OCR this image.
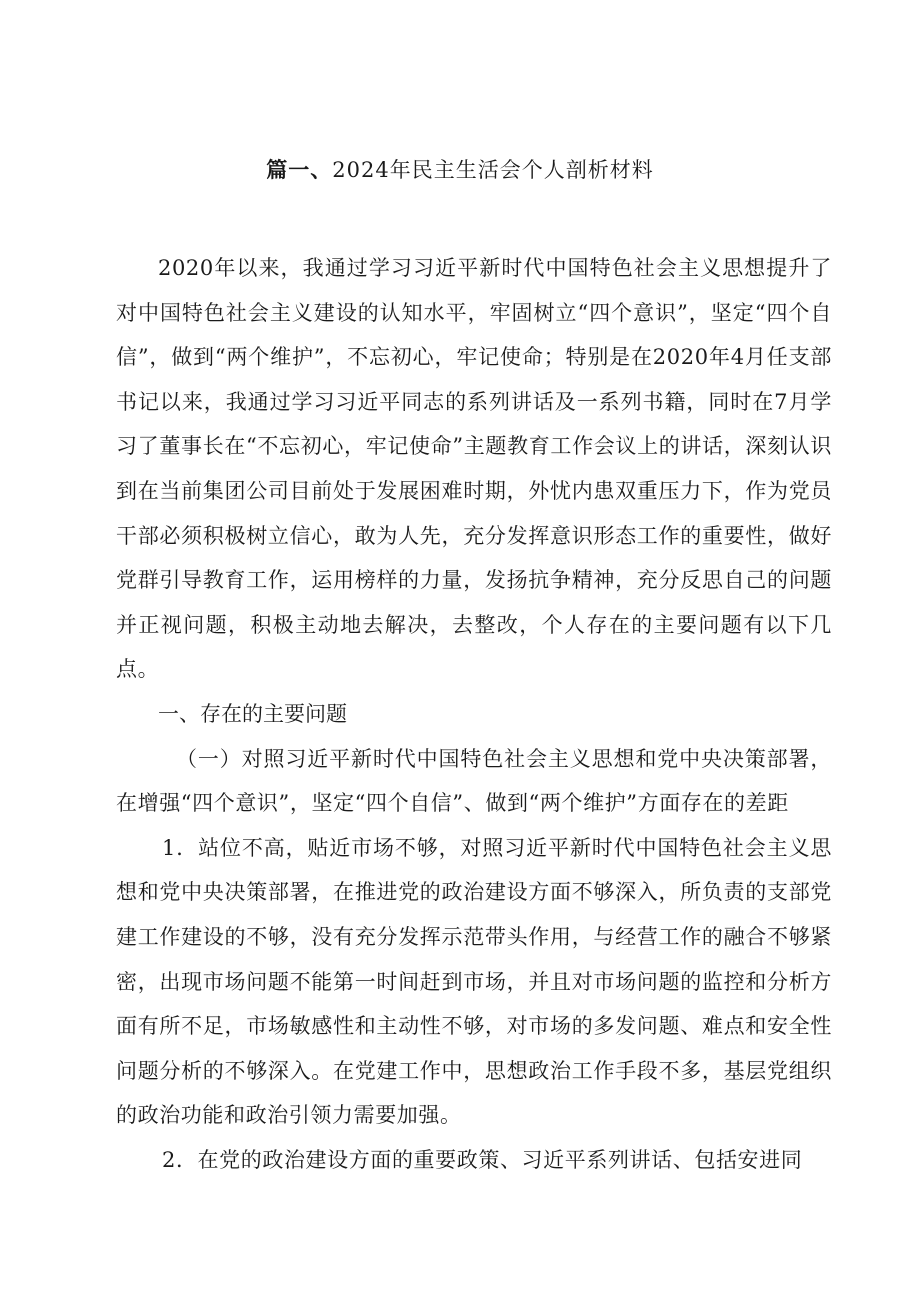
篇一、2024年民主生活会个人剖析材料

2020年以来，我通过学习习近平新时代中国特色社会主义思想提升了对中国特色社会主义建设的认知水平，牢固树立“四个意识”，坚定“四个自信”，做到“两个维护”，不忘初心，牢记使命；特别是在2020年4月任支部书记以来，我通过学习习近平同志的系列讲话及一系列书籍，同时在7月学习了董事长在“不忘初心，牢记使命”主题教育工作会议上的讲话，深刻认识到在当前集团公司目前处于发展困难时期，外忧内患双重压力下，作为党员干部必须积极树立信心，敢为人先，充分发挥意识形态工作的重要性，做好党群引导教育工作，运用榜样的力量，发扬抗争精神，充分反思自己的问题并正视问题，积极主动地去解决，去整改，个人存在的主要问题有以下几点。

一、存在的主要问题

（一）对照习近平新时代中国特色社会主义思想和党中央决策部署，在增强“四个意识”，坚定“四个自信”、做到“两个维护”方面存在的差距

1．站位不高，贴近市场不够，对照习近平新时代中国特色社会主义思想和党中央决策部署，在推进党的政治建设方面不够深入，所负责的支部党建工作建设的不够，没有充分发挥示范带头作用，与经营工作的融合不够紧密，出现市场问题不能第一时间赶到市场，并且对市场问题的监控和分析方面有所不足，市场敏感性和主动性不够，对市场的多发问题、难点和安全性问题分析的不够深入。在党建工作中，思想政治工作手段不多，基层党组织的政治功能和政治引领力需要加强。

2．在党的政治建设方面的重要政策、习近平系列讲话、包括安进同
